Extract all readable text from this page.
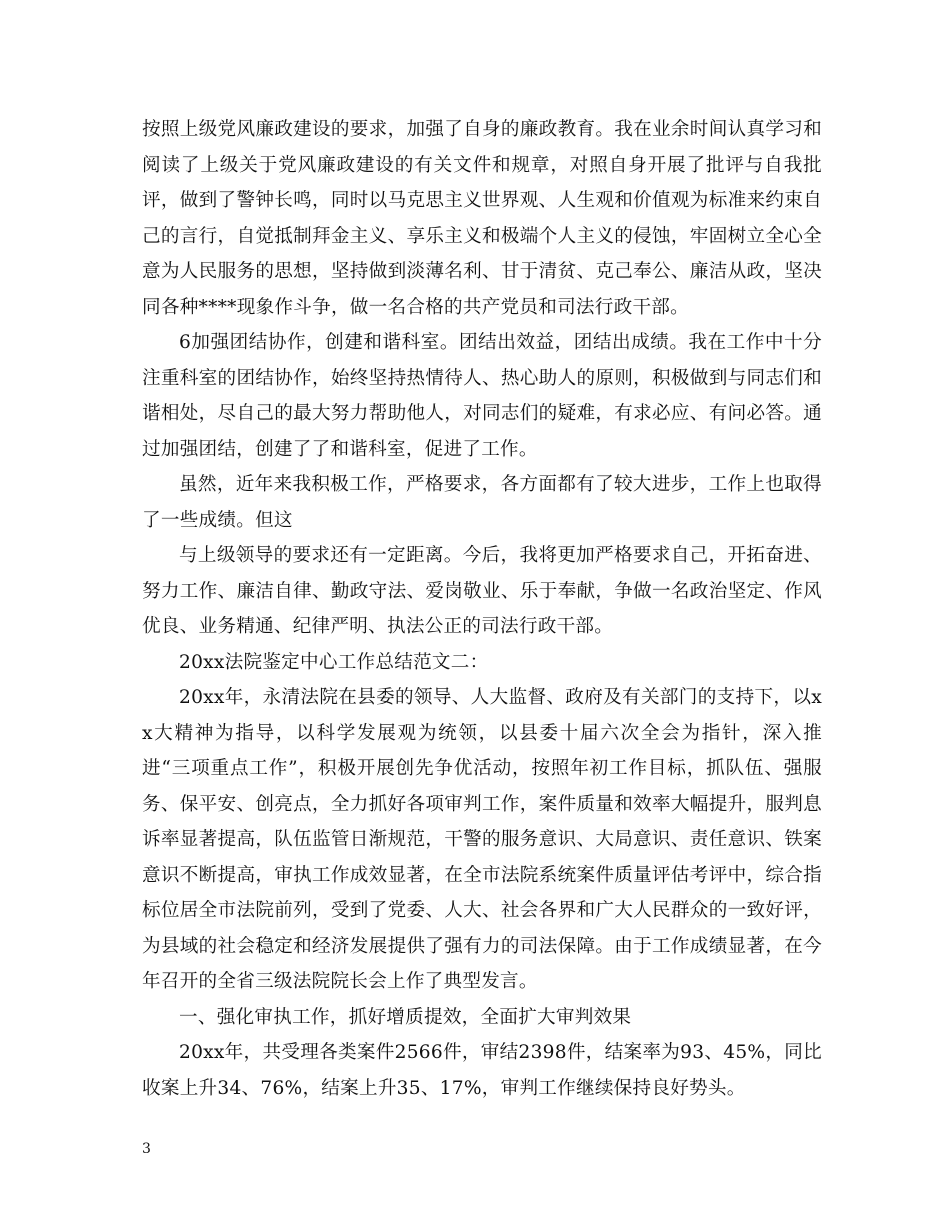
按照上级党风廉政建设的要求，加强了自身的廉政教育。我在业余时间认真学习和阅读了上级关于党风廉政建设的有关文件和规章，对照自身开展了批评与自我批评，做到了警钟长鸣，同时以马克思主义世界观、人生观和价值观为标准来约束自己的言行，自觉抵制拜金主义、享乐主义和极端个人主义的侵蚀，牢固树立全心全意为人民服务的思想，坚持做到淡薄名利、甘于清贫、克己奉公、廉洁从政，坚决同各种****现象作斗争，做一名合格的共产党员和司法行政干部。

6加强团结协作，创建和谐科室。团结出效益，团结出成绩。我在工作中十分注重科室的团结协作，始终坚持热情待人、热心助人的原则，积极做到与同志们和谐相处，尽自己的最大努力帮助他人，对同志们的疑难，有求必应、有问必答。通过加强团结，创建了了和谐科室，促进了工作。

虽然，近年来我积极工作，严格要求，各方面都有了较大进步，工作上也取得了一些成绩。但这

与上级领导的要求还有一定距离。今后，我将更加严格要求自己，开拓奋进、努力工作、廉洁自律、勤政守法、爱岗敬业、乐于奉献，争做一名政治坚定、作风优良、业务精通、纪律严明、执法公正的司法行政干部。

20xx法院鉴定中心工作总结范文二：

20xx年，永清法院在县委的领导、人大监督、政府及有关部门的支持下，以xx大精神为指导，以科学发展观为统领，以县委十届六次全会为指针，深入推进“三项重点工作”，积极开展创先争优活动，按照年初工作目标，抓队伍、强服务、保平安、创亮点，全力抓好各项审判工作，案件质量和效率大幅提升，服判息诉率显著提高，队伍监管日渐规范，干警的服务意识、大局意识、责任意识、铁案意识不断提高，审执工作成效显著，在全市法院系统案件质量评估考评中，综合指标位居全市法院前列，受到了党委、人大、社会各界和广大人民群众的一致好评，为县域的社会稳定和经济发展提供了强有力的司法保障。由于工作成绩显著，在今年召开的全省三级法院院长会上作了典型发言。

一、强化审执工作，抓好增质提效，全面扩大审判效果

20xx年，共受理各类案件2566件，审结2398件，结案率为93、45%，同比收案上升34、76%，结案上升35、17%，审判工作继续保持良好势头。

3
